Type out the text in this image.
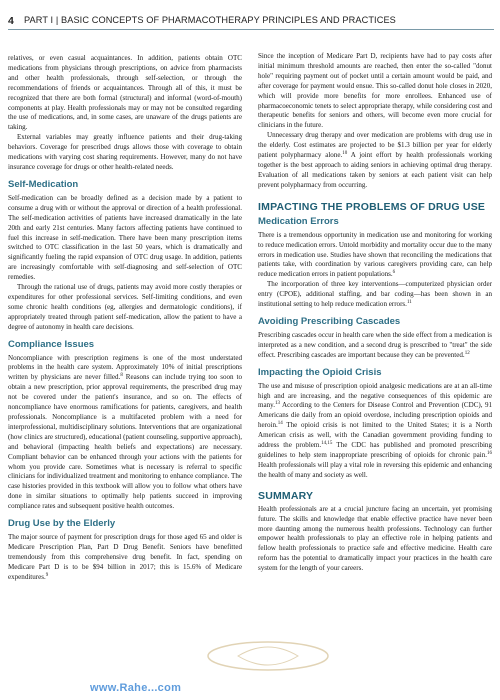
4 PART I | BASIC CONCEPTS OF PHARMACOTHERAPY PRINCIPLES AND PRACTICES

relatives, or even casual acquaintances. In addition, patients obtain OTC medications from physicians through prescriptions, on advice from pharmacists and other health professionals, through self-selection, or through the recommendations of friends or acquaintances. Through all of this, it must be recognized that there are both formal (structural) and informal (word-of-mouth) components at play. Health professionals may or may not be consulted regarding the use of medications, and, in some cases, are unaware of the drugs patients are taking.

External variables may greatly influence patients and their drug-taking behaviors. Coverage for prescribed drugs allows those with coverage to obtain medications with varying cost sharing requirements. However, many do not have insurance coverage for drugs or other health-related needs.

Self-Medication

Self-medication can be broadly defined as a decision made by a patient to consume a drug with or without the approval or direction of a health professional. The self-medication activities of patients have increased dramatically in the late 20th and early 21st centuries. Many factors affecting patients have continued to fuel this increase in self-medication. There have been many prescription items switched to OTC classification in the last 50 years, which is dramatically and significantly fueling the rapid expansion of OTC drug usage. In addition, patients are increasingly comfortable with self-diagnosing and self-selection of OTC remedies.

Through the rational use of drugs, patients may avoid more costly therapies or expenditures for other professional services. Self-limiting conditions, and even some chronic health conditions (eg, allergies and dermatologic conditions), if appropriately treated through patient self-medication, allow the patient to have a degree of autonomy in health care decisions.

Compliance Issues

Noncompliance with prescription regimens is one of the most understated problems in the health care system. Approximately 10% of initial prescriptions written by physicians are never filled.$^8$ Reasons can include trying too soon to obtain a new prescription, prior approval requirements, the prescribed drug may not be covered under the patient's insurance, and so on. The effects of noncompliance have enormous ramifications for patients, caregivers, and health professionals. Noncompliance is a multifaceted problem with a need for interprofessional, multidisciplinary solutions. Interventions that are organizational (how clinics are structured), educational (patient counseling, supportive approach), and behavioral (impacting health beliefs and expectations) are necessary. Compliant behavior can be enhanced through your actions with the patients for whom you provide care. Sometimes what is necessary is referral to specific clinicians for individualized treatment and monitoring to enhance compliance. The case histories provided in this textbook will allow you to follow what others have done in similar situations to optimally help patients succeed in improving compliance rates and subsequent positive health outcomes.

Drug Use by the Elderly

The major source of payment for prescription drugs for those aged 65 and older is Medicare Prescription Plan, Part D Drug Benefit. Seniors have benefitted tremendously from this comprehensive drug benefit. In fact, spending on Medicare Part D is to be $94 billion in 2017; this is 15.6% of Medicare expenditures.$^9$

Since the inception of Medicare Part D, recipients have had to pay costs after initial minimum threshold amounts are reached, then enter the so-called "donut hole" requiring payment out of pocket until a certain amount would be paid, and after coverage for payment would ensue. This so-called donut hole closes in 2020, which will provide more benefits for more enrollees. Enhanced use of pharmacoeconomic tenets to select appropriate therapy, while considering cost and therapeutic benefits for seniors and others, will become even more crucial for clinicians in the future.

Unnecessary drug therapy and over medication are problems with drug use in the elderly. Cost estimates are projected to be $1.3 billion per year for elderly patient polypharmacy alone.$^{10}$ A joint effort by health professionals working together is the best approach to aiding seniors in achieving optimal drug therapy. Evaluation of all medications taken by seniors at each patient visit can help prevent polypharmacy from occurring.

IMPACTING THE PROBLEMS OF DRUG USE
Medication Errors

There is a tremendous opportunity in medication use and monitoring for working to reduce medication errors. Untold morbidity and mortality occur due to the many errors in medication use. Studies have shown that reconciling the medications that patients take, with coordination by various caregivers providing care, can help reduce medication errors in patient populations.$^6$

The incorporation of three key interventions—computerized physician order entry (CPOE), additional staffing, and bar coding—has been shown in an institutional setting to help reduce medication errors.$^{11}$

Avoiding Prescribing Cascades

Prescribing cascades occur in health care when the side effect from a medication is interpreted as a new condition, and a second drug is prescribed to "treat" the side effect. Prescribing cascades are important because they can be prevented.$^{12}$

Impacting the Opioid Crisis

The use and misuse of prescription opioid analgesic medications are at an all-time high and are increasing, and the negative consequences of this epidemic are many.$^{13}$ According to the Centers for Disease Control and Prevention (CDC), 91 Americans die daily from an opioid overdose, including prescription opioids and heroin.$^{14}$ The opioid crisis is not limited to the United States; it is a North American crisis as well, with the Canadian government providing funding to address the problem.$^{14,15}$ The CDC has published and promoted prescribing guidelines to help stem inappropriate prescribing of opioids for chronic pain.$^{16}$ Health professionals will play a vital role in reversing this epidemic and enhancing the health of many and society as well.

SUMMARY

Health professionals are at a crucial juncture facing an uncertain, yet promising future. The skills and knowledge that enable effective practice have never been more daunting among the numerous health professions. Technology can further empower health professionals to play an effective role in helping patients and fellow health professionals to practice safe and effective medicine. Health care reform has the potential to dramatically impact your practices in the health care system for the length of your careers.

www.Rahe...com
